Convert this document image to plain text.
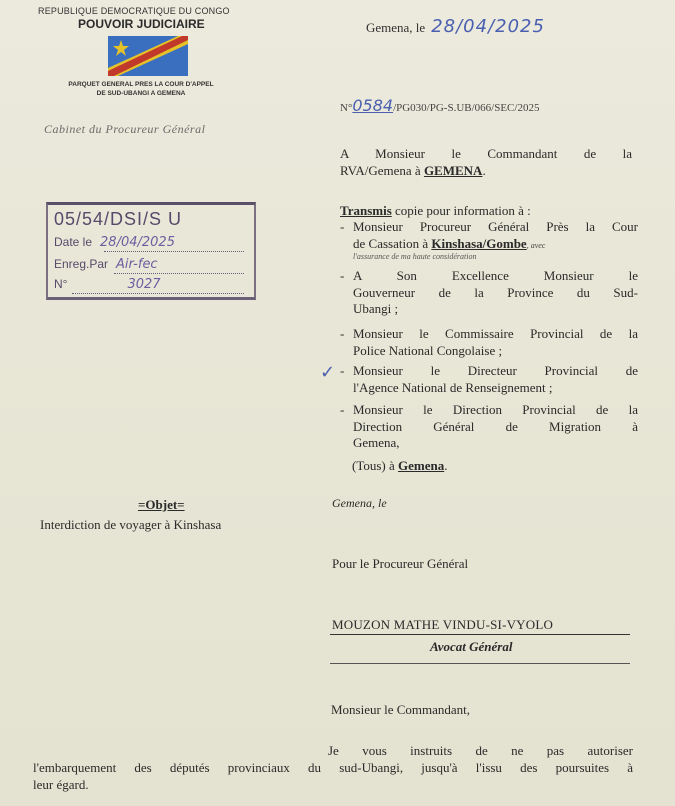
REPUBLIQUE DEMOCRATIQUE DU CONGO
POUVOIR JUDICIAIRE
PARQUET GENERAL PRES LA COUR D'APPEL
DE SUD-UBANGI A GEMENA
Cabinet du Procureur Général
Gemena, le 28/04/2025
N°0584/PG030/PG-S.UB/066/SEC/2025
A Monsieur le Commandant de la
RVA/Gemena à GEMENA.
05/54/DSI/S U
Date le 28/04/2025
Enreg.Par Air-fec
N°	3027
Transmis copie pour information à :
- Monsieur Procureur Général Près la Cour
de Cassation à Kinshasa/Gombe, avec
l'assurance de ma haute considération
- A Son Excellence Monsieur le
Gouverneur de la Province du Sud-
Ubangi ;
- Monsieur le Commissaire Provincial de la
Police National Congolaise ;
✓ - Monsieur le Directeur Provincial de
l'Agence National de Renseignement ;
- Monsieur le Direction Provincial de la
Direction Général de Migration à
Gemena,
(Tous) à Gemena.
=Objet=
Interdiction de voyager à Kinshasa
Gemena, le
Pour le Procureur Général
MOUZON MATHE VINDU-SI-VYOLO
Avocat Général
Monsieur le Commandant,
Je vous instruits de ne pas autoriser
l'embarquement des députés provinciaux du sud-Ubangi, jusqu'à l'issu des poursuites à
leur égard.
